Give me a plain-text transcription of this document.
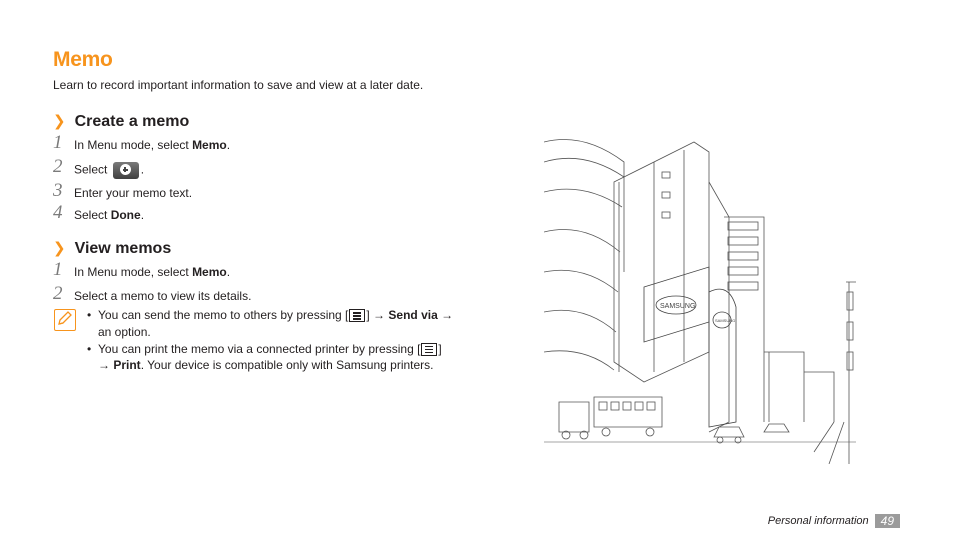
Memo
Learn to record important information to save and view at a later date.
❯ Create a memo
1 In Menu mode, select Memo.
2 Select	.
3 Enter your memo text.
4 Select Done.
❯ View memos
1 In Menu mode, select Memo.
2 Select a memo to view its details.
• You can send the memo to others by pressing [ ] → Send via → an option.
• You can print the memo via a connected printer by pressing [ ] → Print. Your device is compatible only with Samsung printers.
SAMSUNG
SAMSUNG
Personal information	49
